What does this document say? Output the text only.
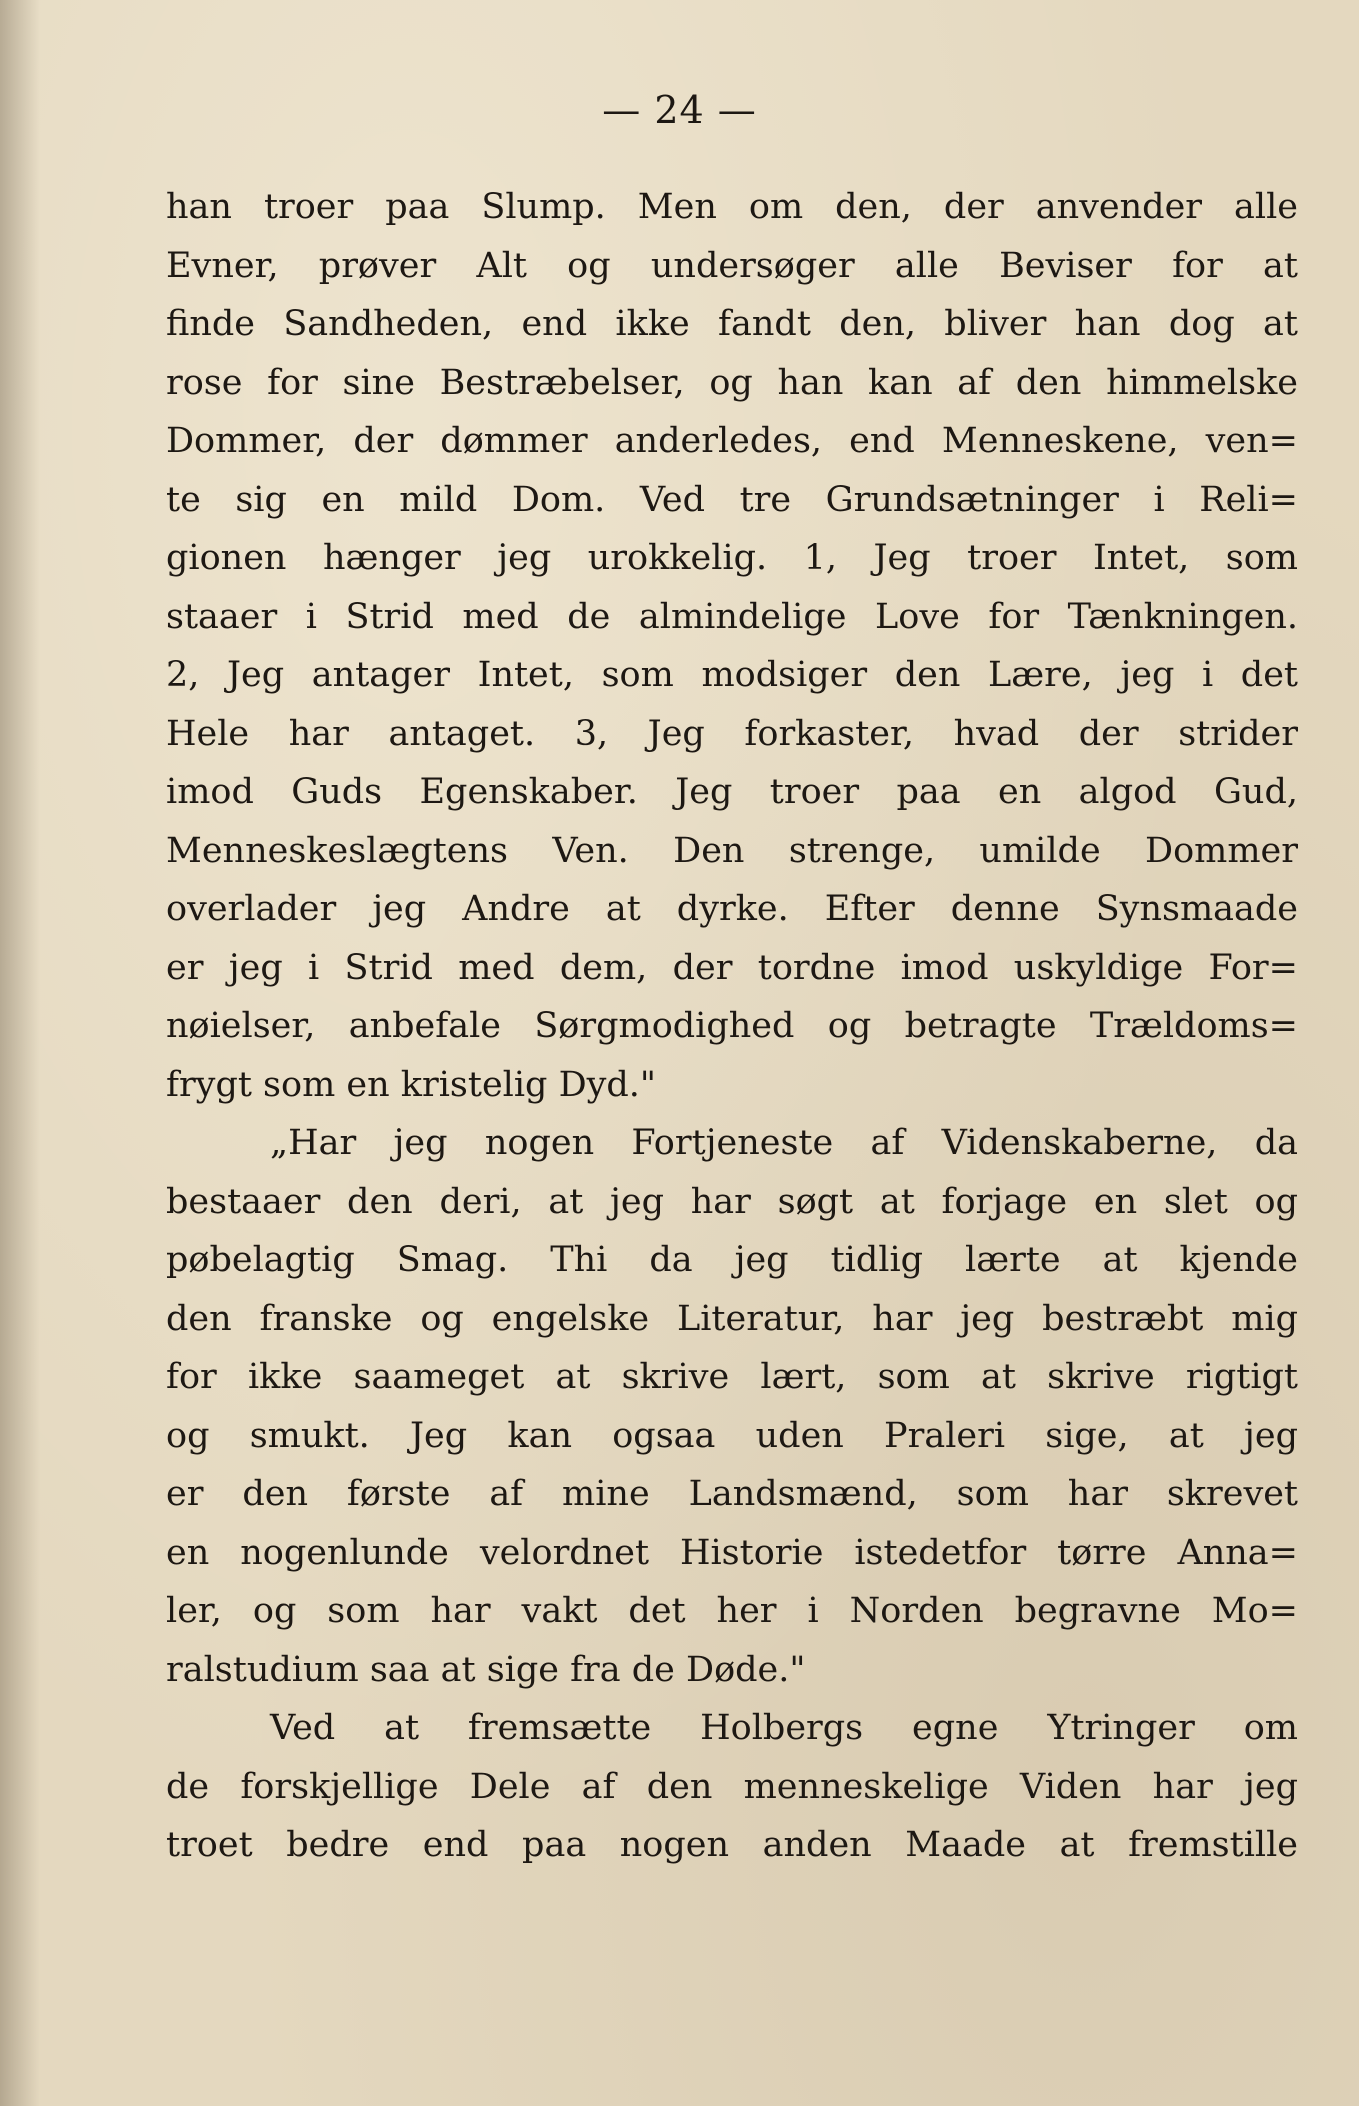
— 24 —
han troer paa Slump. Men om den, der anvender alle
Evner, prøver Alt og undersøger alle Beviser for at
finde Sandheden, end ikke fandt den, bliver han dog at
rose for sine Bestræbelser, og han kan af den himmelske
Dommer, der dømmer anderledes, end Menneskene, ven=
te sig en mild Dom. Ved tre Grundsætninger i Reli=
gionen hænger jeg urokkelig. 1, Jeg troer Intet, som
staaer i Strid med de almindelige Love for Tænkningen.
2, Jeg antager Intet, som modsiger den Lære, jeg i det
Hele har antaget. 3, Jeg forkaster, hvad der strider
imod Guds Egenskaber. Jeg troer paa en algod Gud,
Menneskeslægtens Ven. Den strenge, umilde Dommer
overlader jeg Andre at dyrke. Efter denne Synsmaade
er jeg i Strid med dem, der tordne imod uskyldige For=
nøielser, anbefale Sørgmodighed og betragte Trældoms=
frygt som en kristelig Dyd."
„Har jeg nogen Fortjeneste af Videnskaberne, da
bestaaer den deri, at jeg har søgt at forjage en slet og
pøbelagtig Smag. Thi da jeg tidlig lærte at kjende
den franske og engelske Literatur, har jeg bestræbt mig
for ikke saameget at skrive lært, som at skrive rigtigt
og smukt. Jeg kan ogsaa uden Praleri sige, at jeg
er den første af mine Landsmænd, som har skrevet
en nogenlunde velordnet Historie istedetfor tørre Anna=
ler, og som har vakt det her i Norden begravne Mo=
ralstudium saa at sige fra de Døde."
Ved at fremsætte Holbergs egne Ytringer om
de forskjellige Dele af den menneskelige Viden har jeg
troet bedre end paa nogen anden Maade at fremstille
